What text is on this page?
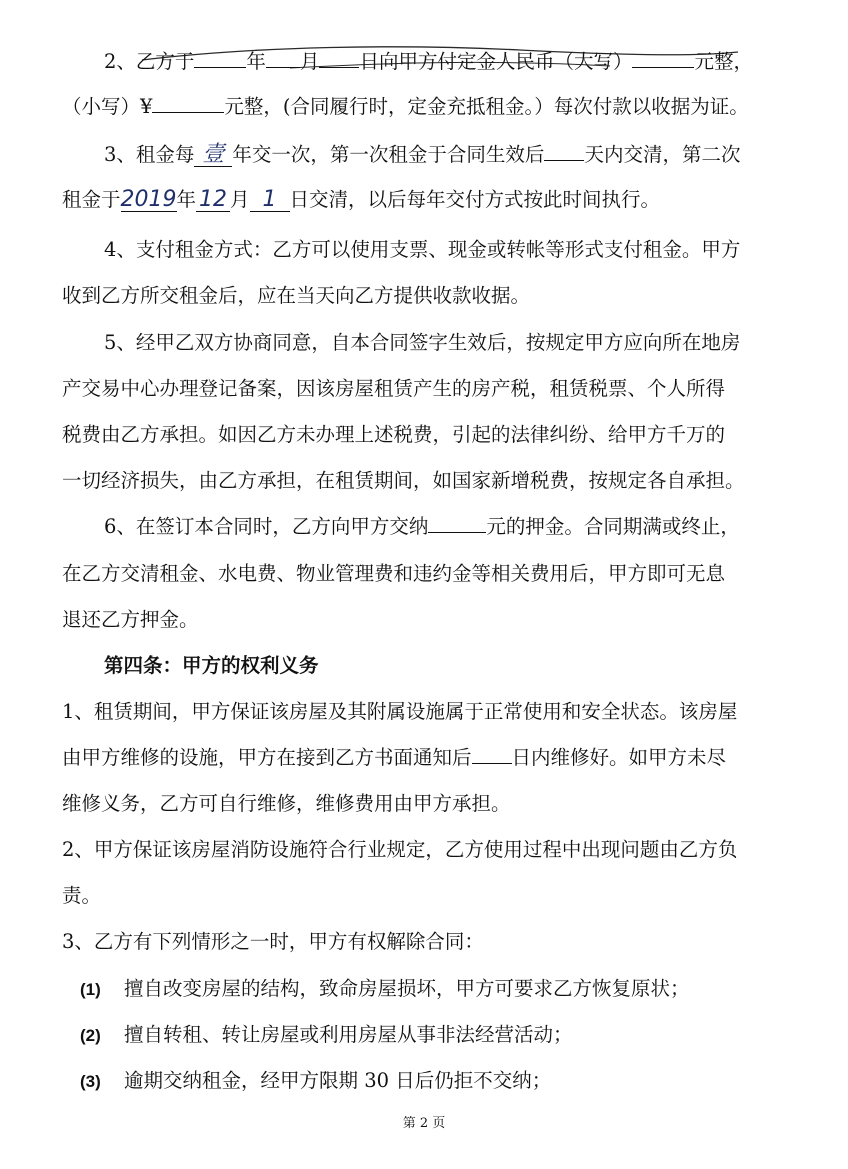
2、乙方于	年 月 日向甲方付定金人民币（大写）	元整，
（小写）¥	元整，(合同履行时，定金充抵租金。）每次付款以收据为证。
3、租金每 壹 年交一次，第一次租金于合同生效后 天内交清，第二次
租金于2019年 12 月 1 日交清，以后每年交付方式按此时间执行。
4、支付租金方式：乙方可以使用支票、现金或转帐等形式支付租金。甲方
收到乙方所交租金后，应在当天向乙方提供收款收据。
5、经甲乙双方协商同意，自本合同签字生效后，按规定甲方应向所在地房
产交易中心办理登记备案，因该房屋租赁产生的房产税，租赁税票、个人所得
税费由乙方承担。如因乙方未办理上述税费，引起的法律纠纷、给甲方千万的
一切经济损失，由乙方承担，在租赁期间，如国家新增税费，按规定各自承担。
6、在签订本合同时，乙方向甲方交纳	元的押金。合同期满或终止，
在乙方交清租金、水电费、物业管理费和违约金等相关费用后，甲方即可无息
退还乙方押金。
第四条：甲方的权利义务
1、租赁期间，甲方保证该房屋及其附属设施属于正常使用和安全状态。该房屋
由甲方维修的设施，甲方在接到乙方书面通知后 日内维修好。如甲方未尽
维修义务，乙方可自行维修，维修费用由甲方承担。
2、甲方保证该房屋消防设施符合行业规定，乙方使用过程中出现问题由乙方负
责。
3、乙方有下列情形之一时，甲方有权解除合同：
(1) 擅自改变房屋的结构，致命房屋损坏，甲方可要求乙方恢复原状；
(2) 擅自转租、转让房屋或利用房屋从事非法经营活动；
(3) 逾期交纳租金，经甲方限期 30 日后仍拒不交纳；
第 2 页
